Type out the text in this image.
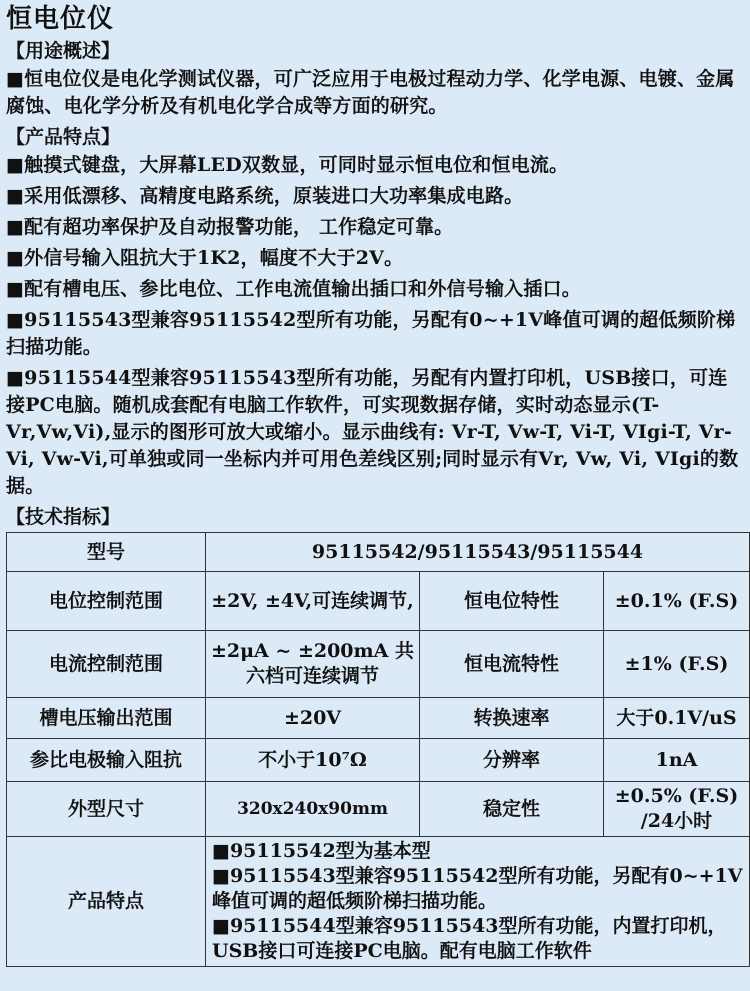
恒电位仪
【用途概述】

■恒电位仪是电化学测试仪器，可广泛应用于电极过程动力学、化学电源、电镀、金属腐蚀、电化学分析及有机电化学合成等方面的研究。

【产品特点】

■触摸式键盘，大屏幕LED双数显，可同时显示恒电位和恒电流。

■采用低漂移、高精度电路系统，原装进口大功率集成电路。

■配有超功率保护及自动报警功能， 工作稳定可靠。

■外信号输入阻抗大于1K2，幅度不大于2V。

■配有槽电压、参比电位、工作电流值输出插口和外信号输入插口。

■95115543型兼容95115542型所有功能，另配有0~+1V峰值可调的超低频阶梯扫描功能。

■95115544型兼容95115543型所有功能，另配有内置打印机，USB接口，可连接PC电脑。随机成套配有电脑工作软件，可实现数据存储，实时动态显示(T-Vr,Vw,Vi),显示的图形可放大或缩小。显示曲线有: Vr-T, Vw-T, Vi-T, VIgi-T, Vr-Vi, Vw-Vi,可单独或同一坐标内并可用色差线区别;同时显示有Vr, Vw, Vi, VIgi的数据。

【技术指标】
型号	95115542/95115543/95115544		
电位控制范围	±2V, ±4V,可连续调节,	恒电位特性	±0.1% (F.S)
电流控制范围	±2μA ~ ±200mA 共六档可连续调节	恒电流特性	±1% (F.S)
槽电压输出范围	±20V	转换速率	大于0.1V/uS
参比电极输入阻抗	不小于10⁷Ω	分辨率	1nA
外型尺寸	320x240x90mm	稳定性	±0.5% (F.S) /24小时
产品特点	■95115542型为基本型
■95115543型兼容95115542型所有功能，另配有0~+1V峰值可调的超低频阶梯扫描功能。
■95115544型兼容95115543型所有功能，内置打印机，USB接口可连接PC电脑。配有电脑工作软件		
